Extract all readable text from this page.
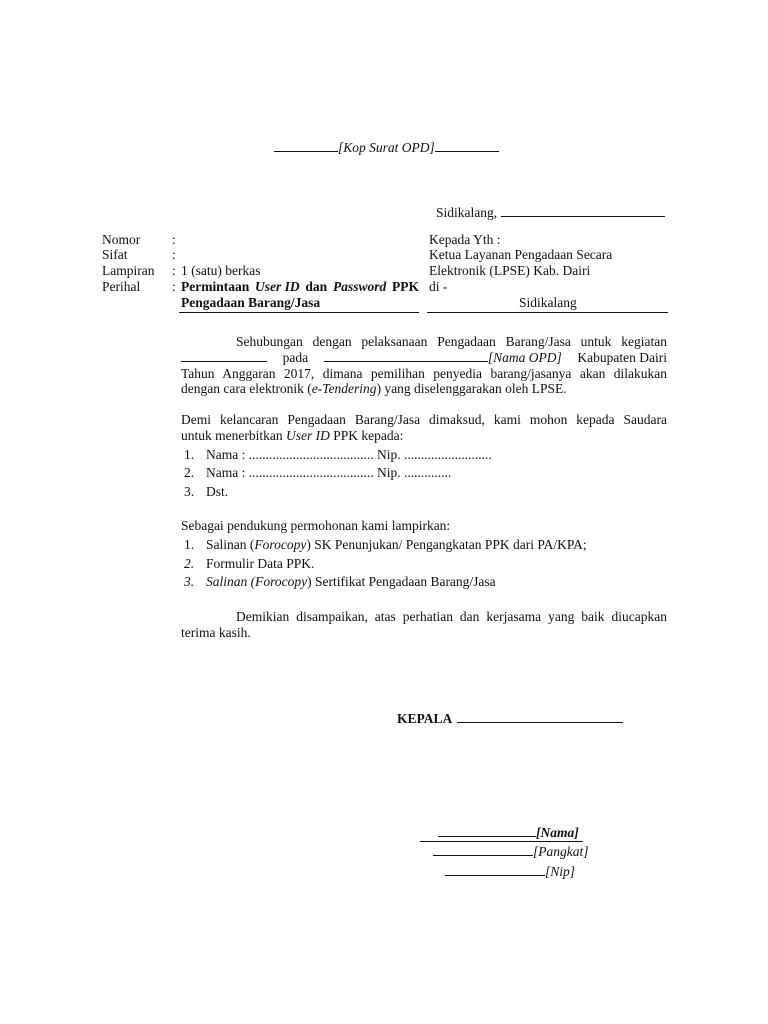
[Kop Surat OPD]
Sidikalang,
Nomor
Sifat
Lampiran
Perihal
:
:
:
:
1 (satu) berkas
Permintaan User ID dan Password PPK
Pengadaan Barang/Jasa
Kepada Yth :
Ketua Layanan Pengadaan Secara
Elektronik (LPSE) Kab. Dairi
di -
Sidikalang
Sehubungan dengan pelaksanaan Pengadaan Barang/Jasa untuk kegiatan
pada	[Nama OPD] Kabupaten Dairi
Tahun Anggaran 2017, dimana pemilihan penyedia barang/jasanya akan dilakukan
dengan cara elektronik (e-Tendering) yang diselenggarakan oleh LPSE.
Demi kelancaran Pengadaan Barang/Jasa dimaksud, kami mohon kepada Saudara
untuk menerbitkan User ID PPK kepada:
1. Nama : ..................................... Nip. ..........................
2. Nama : ..................................... Nip. ..............
3. Dst.
Sebagai pendukung permohonan kami lampirkan:
1. Salinan (Forocopy) SK Penunjukan/ Pengangkatan PPK dari PA/KPA;
2. Formulir Data PPK.
3. Salinan (Forocopy) Sertifikat Pengadaan Barang/Jasa
Demikian disampaikan, atas perhatian dan kerjasama yang baik diucapkan
terima kasih.
KEPALA
[Nama]
[Pangkat]
[Nip]
